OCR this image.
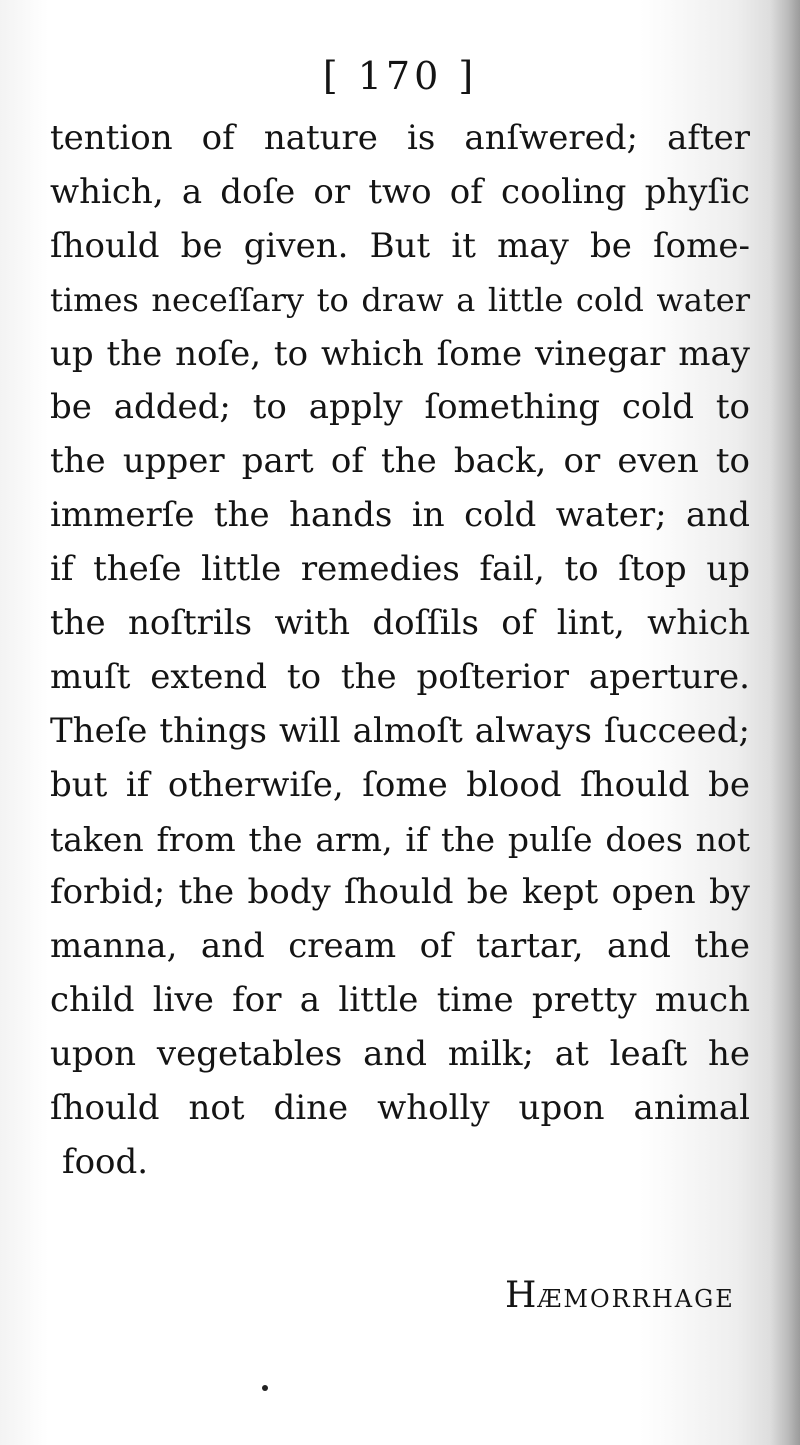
[ 170 ]
tention of nature is anſwered; after
which, a doſe or two of cooling phyſic
ſhould be given. But it may be ſome-
times neceſſary to draw a little cold water
up the noſe, to which ſome vinegar may
be added; to apply ſomething cold to
the upper part of the back, or even to
immerſe the hands in cold water; and
if theſe little remedies fail, to ſtop up
the noſtrils with doſſils of lint, which
muſt extend to the poſterior aperture.
Theſe things will almoſt always ſucceed;
but if otherwiſe, ſome blood ſhould be
taken from the arm, if the pulſe does not
forbid; the body ſhould be kept open by
manna, and cream of tartar, and the
child live for a little time pretty much
upon vegetables and milk; at leaſt he
ſhould not dine wholly upon animal
food.
HÆMORRHAGE
